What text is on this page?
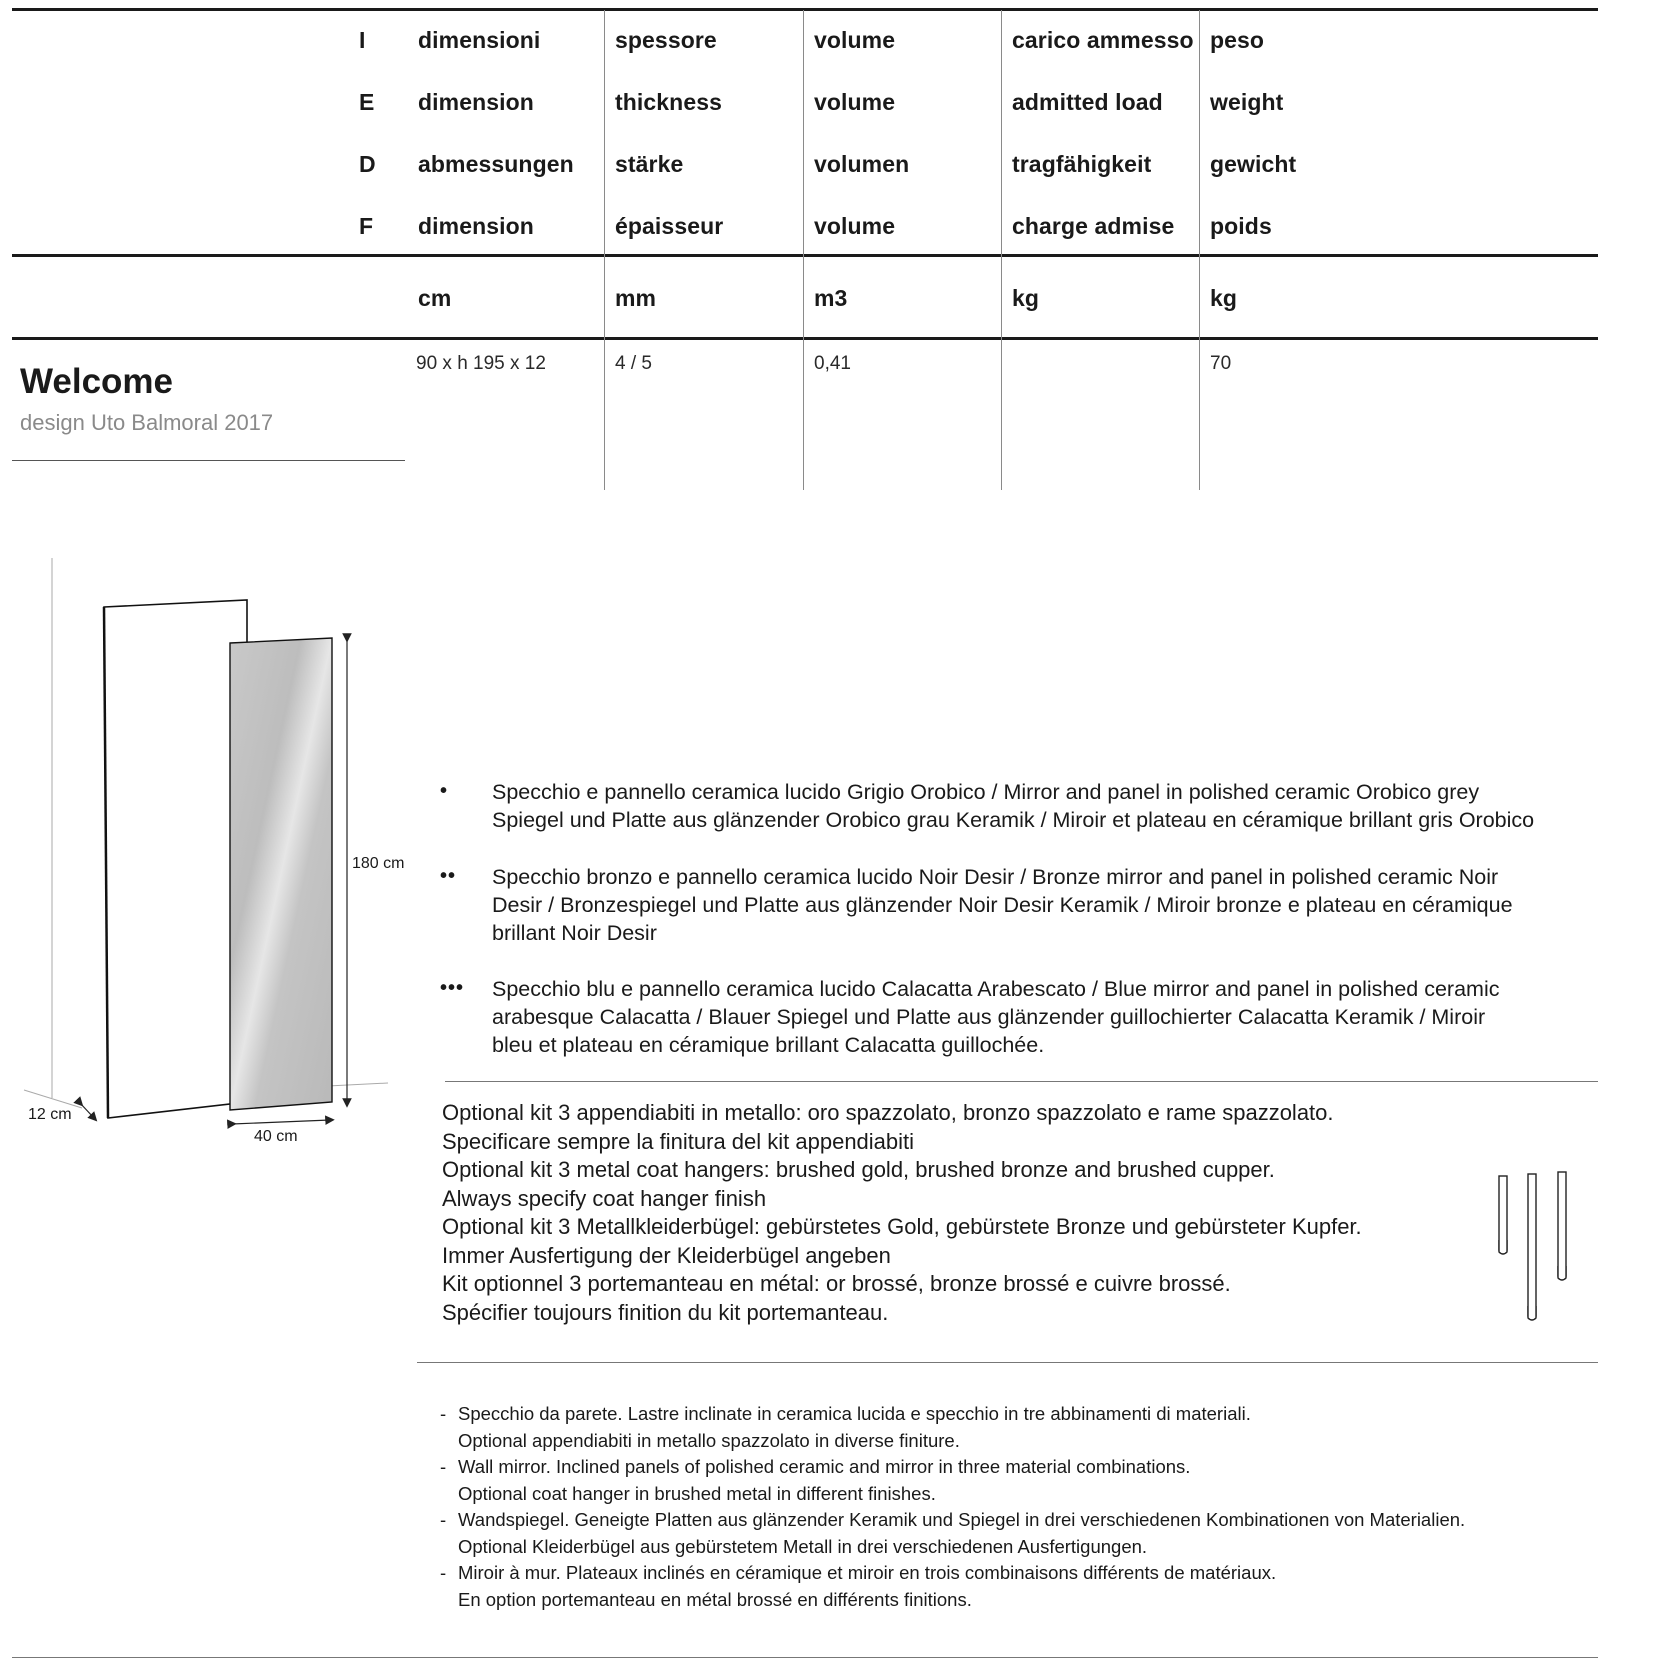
I
E
D
F
dimensioni
dimension
abmessungen
dimension
cm
90 x h 195 x 12
spessore
thickness
stärke
épaisseur
mm
4 / 5
volume
volume
volumen
volume
m3
0,41
carico ammesso
admitted load
tragfähigkeit
charge admise
kg
peso
weight
gewicht
poids
kg
70
Welcome
design Uto Balmoral 2017
180 cm
40 cm
12 cm
• Specchio e pannello ceramica lucido Grigio Orobico / Mirror and panel in polished ceramic Orobico grey
Spiegel und Platte aus glänzender Orobico grau Keramik / Miroir et plateau en céramique brillant gris Orobico
•• Specchio bronzo e pannello ceramica lucido Noir Desir / Bronze mirror and panel in polished ceramic Noir
Desir / Bronzespiegel und Platte aus glänzender Noir Desir Keramik / Miroir bronze e plateau en céramique
brillant Noir Desir
••• Specchio blu e pannello ceramica lucido Calacatta Arabescato / Blue mirror and panel in polished ceramic
arabesque Calacatta / Blauer Spiegel und Platte aus glänzender guillochierter Calacatta Keramik / Miroir
bleu et plateau en céramique brillant Calacatta guillochée.
Optional kit 3 appendiabiti in metallo: oro spazzolato, bronzo spazzolato e rame spazzolato.
Specificare sempre la finitura del kit appendiabiti
Optional kit 3 metal coat hangers: brushed gold, brushed bronze and brushed cupper.
Always specify coat hanger finish
Optional kit 3 Metallkleiderbügel: gebürstetes Gold, gebürstete Bronze und gebürsteter Kupfer.
Immer Ausfertigung der Kleiderbügel angeben
Kit optionnel 3 portemanteau en métal: or brossé, bronze brossé e cuivre brossé.
Spécifier toujours finition du kit portemanteau.
- Specchio da parete. Lastre inclinate in ceramica lucida e specchio in tre abbinamenti di materiali.
Optional appendiabiti in metallo spazzolato in diverse finiture.
- Wall mirror. Inclined panels of polished ceramic and mirror in three material combinations.
Optional coat hanger in brushed metal in different finishes.
- Wandspiegel. Geneigte Platten aus glänzender Keramik und Spiegel in drei verschiedenen Kombinationen von Materialien.
Optional Kleiderbügel aus gebürstetem Metall in drei verschiedenen Ausfertigungen.
- Miroir à mur. Plateaux inclinés en céramique et miroir en trois combinaisons différents de matériaux.
En option portemanteau en métal brossé en différents finitions.
